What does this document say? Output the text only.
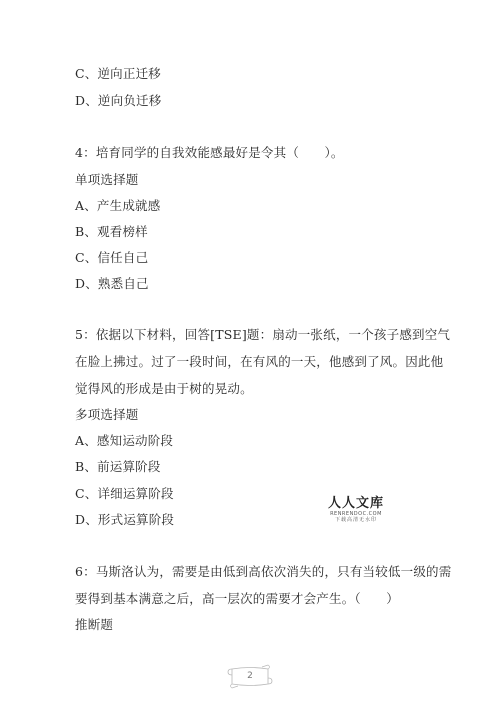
C、逆向正迁移
D、逆向负迁移
4：培育同学的自我效能感最好是令其（　　）。
单项选择题
A、产生成就感
B、观看榜样
C、信任自己
D、熟悉自己
5：依据以下材料，回答[TSE]题：扇动一张纸，一个孩子感到空气
在脸上拂过。过了一段时间，在有风的一天，他感到了风。因此他
觉得风的形成是由于树的晃动。
多项选择题
A、感知运动阶段
B、前运算阶段
C、详细运算阶段
D、形式运算阶段
人人文库
RENRENDOC.COM
下载高清无水印
6：马斯洛认为，需要是由低到高依次消失的，只有当较低一级的需
要得到基本满意之后，高一层次的需要才会产生。（　　）
推断题
2
